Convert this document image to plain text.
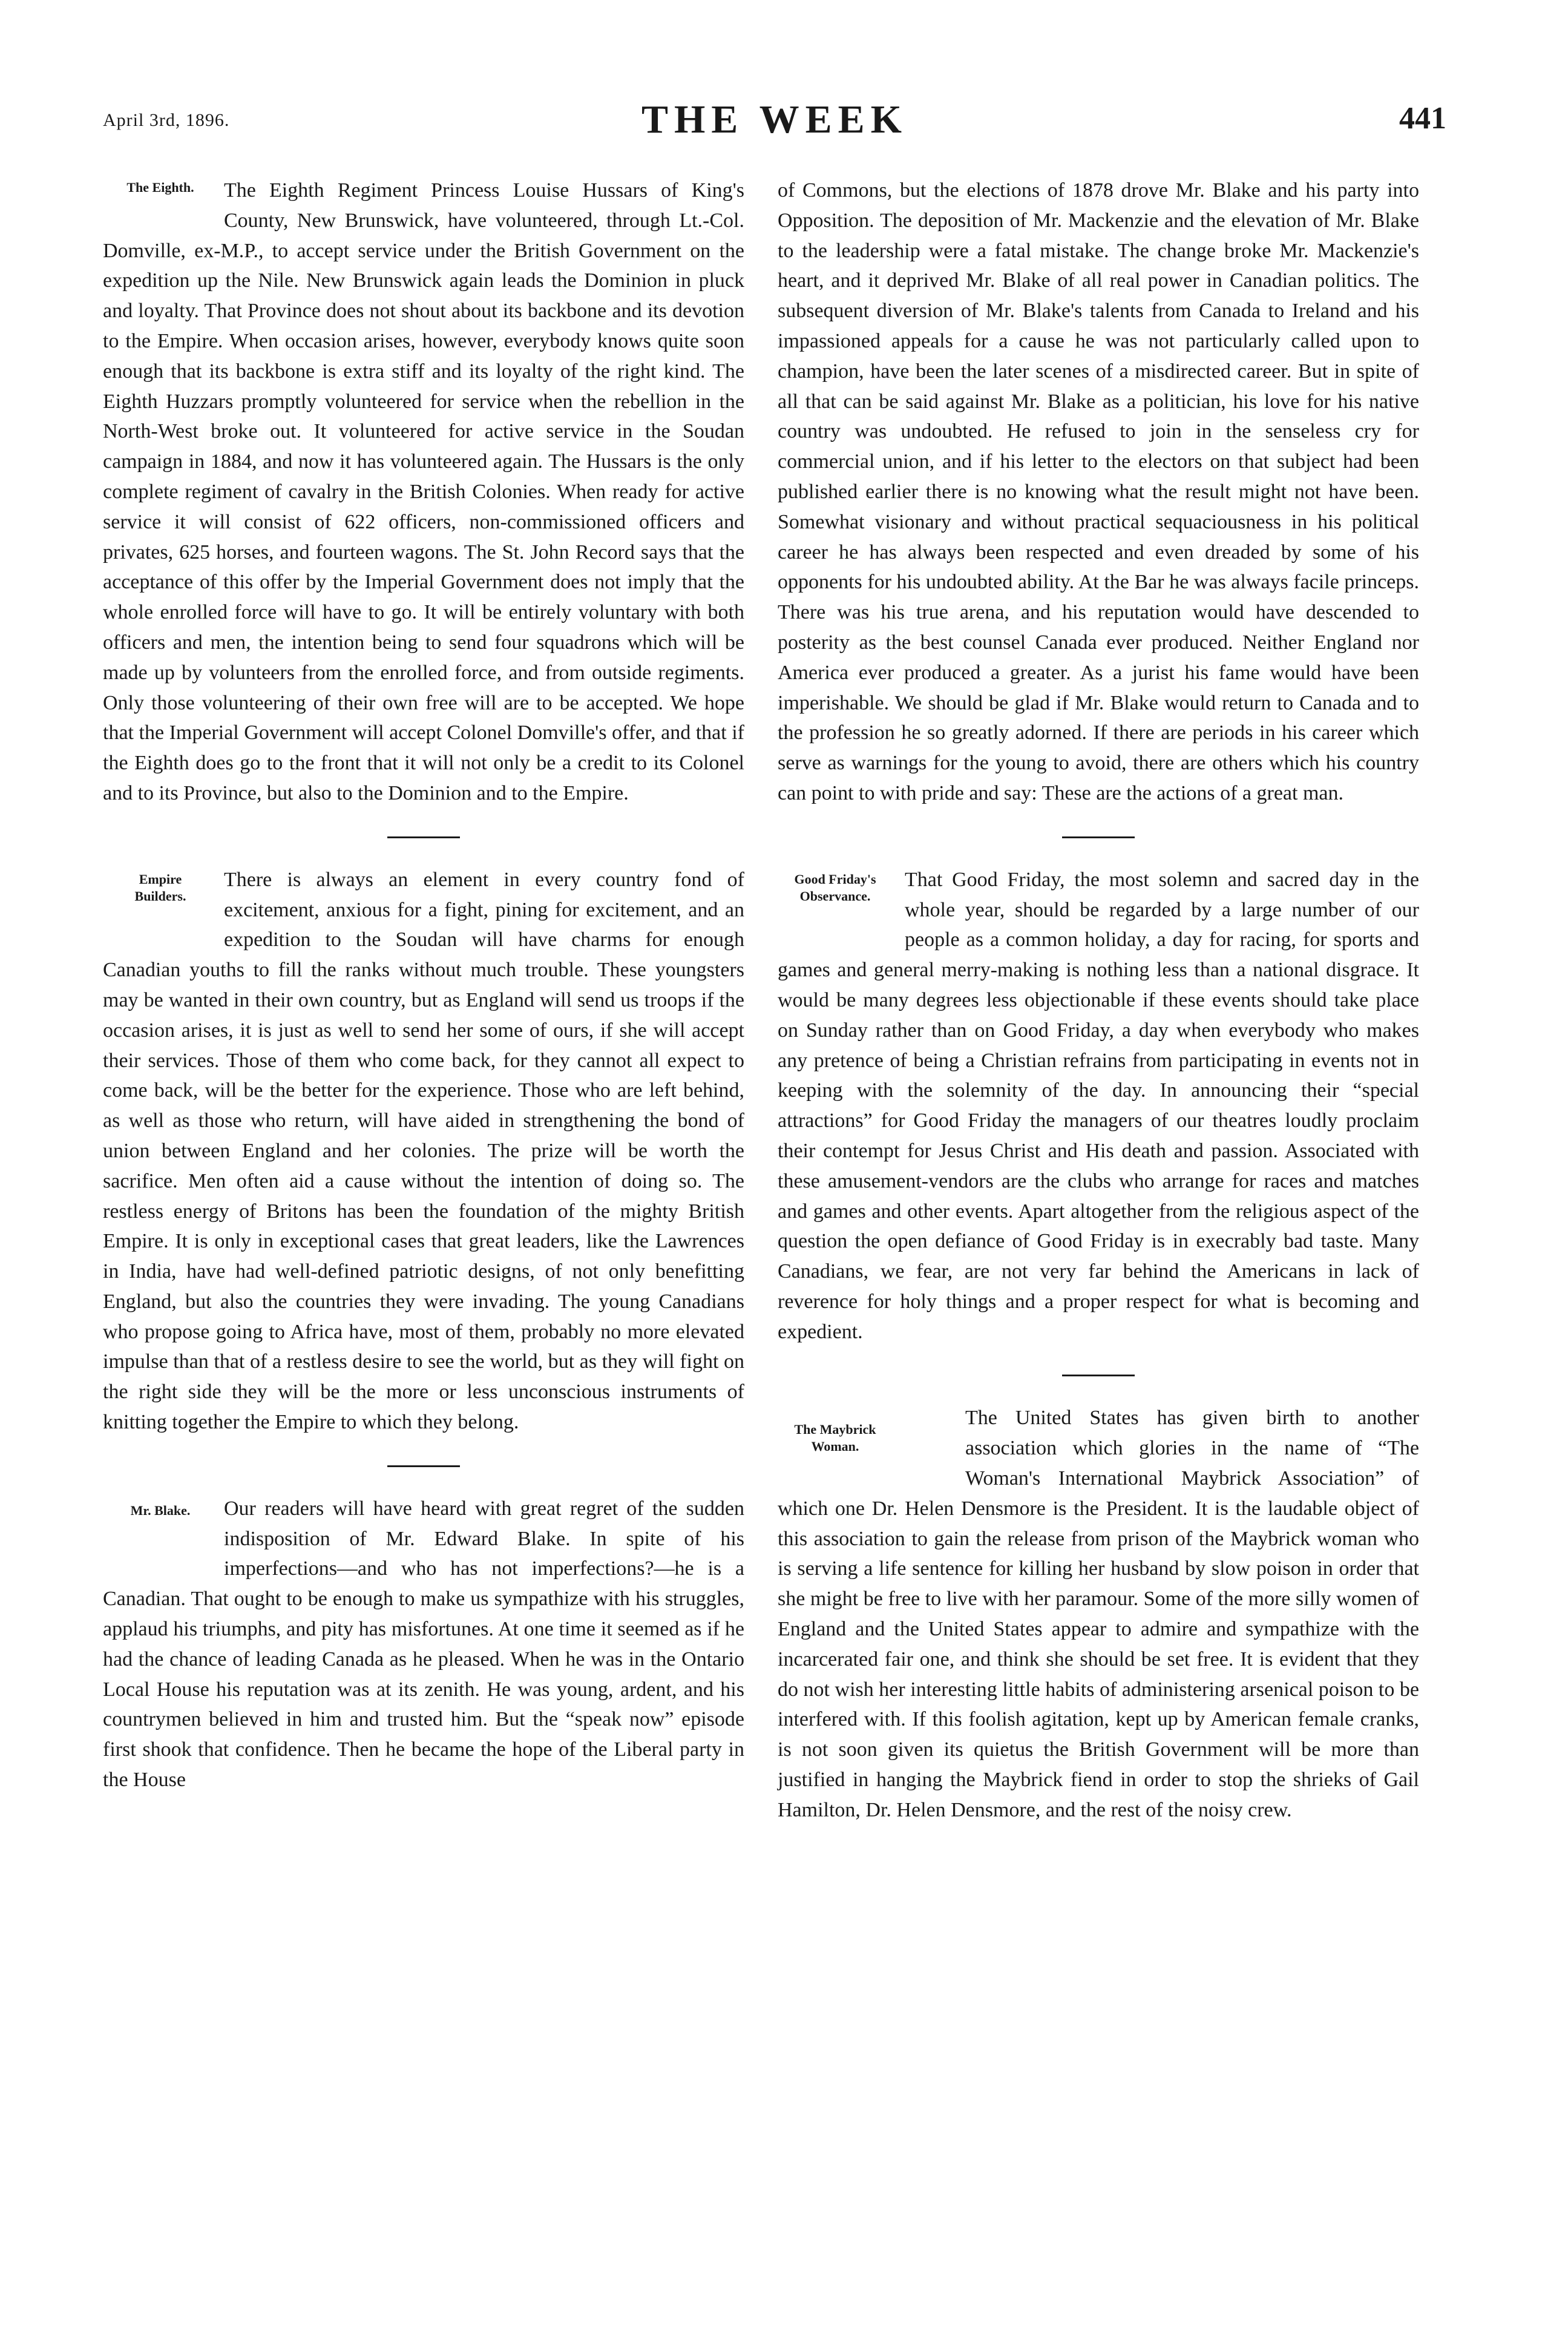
April 3rd, 1896.	THE WEEK	441
The Eighth.	The Eighth Regiment Princess Louise Hussars of King's County, New Brunswick, have volunteered, through Lt.-Col. Domville, ex-M.P., to accept service under the British Government on the expedition up the Nile. New Brunswick again leads the Dominion in pluck and loyalty. That Province does not shout about its backbone and its devotion to the Empire. When occasion arises, however, everybody knows quite soon enough that its backbone is extra stiff and its loyalty of the right kind. The Eighth Huzzars promptly volunteered for service when the rebellion in the North-West broke out. It volunteered for active service in the Soudan campaign in 1884, and now it has volunteered again. The Hussars is the only complete regiment of cavalry in the British Colonies. When ready for active service it will consist of 622 officers, non-commissioned officers and privates, 625 horses, and fourteen wagons. The St. John Record says that the acceptance of this offer by the Imperial Government does not imply that the whole enrolled force will have to go. It will be entirely voluntary with both officers and men, the intention being to send four squadrons which will be made up by volunteers from the enrolled force, and from outside regiments. Only those volunteering of their own free will are to be accepted. We hope that the Imperial Government will accept Colonel Domville's offer, and that if the Eighth does go to the front that it will not only be a credit to its Colonel and to its Province, but also to the Dominion and to the Empire.

Empire
Builders.

There is always an element in every country fond of excitement, anxious for a fight, pining for excitement, and an expedition to the Soudan will have charms for enough Canadian youths to fill the ranks without much trouble. These youngsters may be wanted in their own country, but as England will send us troops if the occasion arises, it is just as well to send her some of ours, if she will accept their services. Those of them who come back, for they cannot all expect to come back, will be the better for the experience. Those who are left behind, as well as those who return, will have aided in strengthening the bond of union between England and her colonies. The prize will be worth the sacrifice. Men often aid a cause without the intention of doing so. The restless energy of Britons has been the foundation of the mighty British Empire. It is only in exceptional cases that great leaders, like the Lawrences in India, have had well-defined patriotic designs, of not only benefitting England, but also the countries they were invading. The young Canadians who propose going to Africa have, most of them, probably no more elevated impulse than that of a restless desire to see the world, but as they will fight on the right side they will be the more or less unconscious instruments of knitting together the Empire to which they belong.

Mr. Blake.	Our readers will have heard with great regret of the sudden indisposition of Mr. Edward Blake. In spite of his imperfections—and who has not imperfections?—he is a Canadian. That ought to be enough to make us sympathize with his struggles, applaud his triumphs, and pity has misfortunes. At one time it seemed as if he had the chance of leading Canada as he pleased. When he was in the Ontario Local House his reputation was at its zenith. He was young, ardent, and his countrymen believed in him and trusted him. But the “speak now” episode first shook that confidence. Then he became the hope of the Liberal party in the House

of Commons, but the elections of 1878 drove Mr. Blake and his party into Opposition. The deposition of Mr. Mackenzie and the elevation of Mr. Blake to the leadership were a fatal mistake. The change broke Mr. Mackenzie's heart, and it deprived Mr. Blake of all real power in Canadian politics. The subsequent diversion of Mr. Blake's talents from Canada to Ireland and his impassioned appeals for a cause he was not particularly called upon to champion, have been the later scenes of a misdirected career. But in spite of all that can be said against Mr. Blake as a politician, his love for his native country was undoubted. He refused to join in the senseless cry for commercial union, and if his letter to the electors on that subject had been published earlier there is no knowing what the result might not have been. Somewhat visionary and without practical sequaciousness in his political career he has always been respected and even dreaded by some of his opponents for his undoubted ability. At the Bar he was always facile princeps. There was his true arena, and his reputation would have descended to posterity as the best counsel Canada ever produced. Neither England nor America ever produced a greater. As a jurist his fame would have been imperishable. We should be glad if Mr. Blake would return to Canada and to the profession he so greatly adorned. If there are periods in his career which serve as warnings for the young to avoid, there are others which his country can point to with pride and say: These are the actions of a great man.

Good Friday's
Observance.

That Good Friday, the most solemn and sacred day in the whole year, should be regarded by a large number of our people as a common holiday, a day for racing, for sports and games and general merry-making is nothing less than a national disgrace. It would be many degrees less objectionable if these events should take place on Sunday rather than on Good Friday, a day when everybody who makes any pretence of being a Christian refrains from participating in events not in keeping with the solemnity of the day. In announcing their “special attractions” for Good Friday the managers of our theatres loudly proclaim their contempt for Jesus Christ and His death and passion. Associated with these amusement-vendors are the clubs who arrange for races and matches and games and other events. Apart altogether from the religious aspect of the question the open defiance of Good Friday is in execrably bad taste. Many Canadians, we fear, are not very far behind the Americans in lack of reverence for holy things and a proper respect for what is becoming and expedient.

The Maybrick
Woman.

The United States has given birth to another association which glories in the name of “The Woman's International Maybrick Association” of which one Dr. Helen Densmore is the President. It is the laudable object of this association to gain the release from prison of the Maybrick woman who is serving a life sentence for killing her husband by slow poison in order that she might be free to live with her paramour. Some of the more silly women of England and the United States appear to admire and sympathize with the incarcerated fair one, and think she should be set free. It is evident that they do not wish her interesting little habits of administering arsenical poison to be interfered with. If this foolish agitation, kept up by American female cranks, is not soon given its quietus the British Government will be more than justified in hanging the Maybrick fiend in order to stop the shrieks of Gail Hamilton, Dr. Helen Densmore, and the rest of the noisy crew.
